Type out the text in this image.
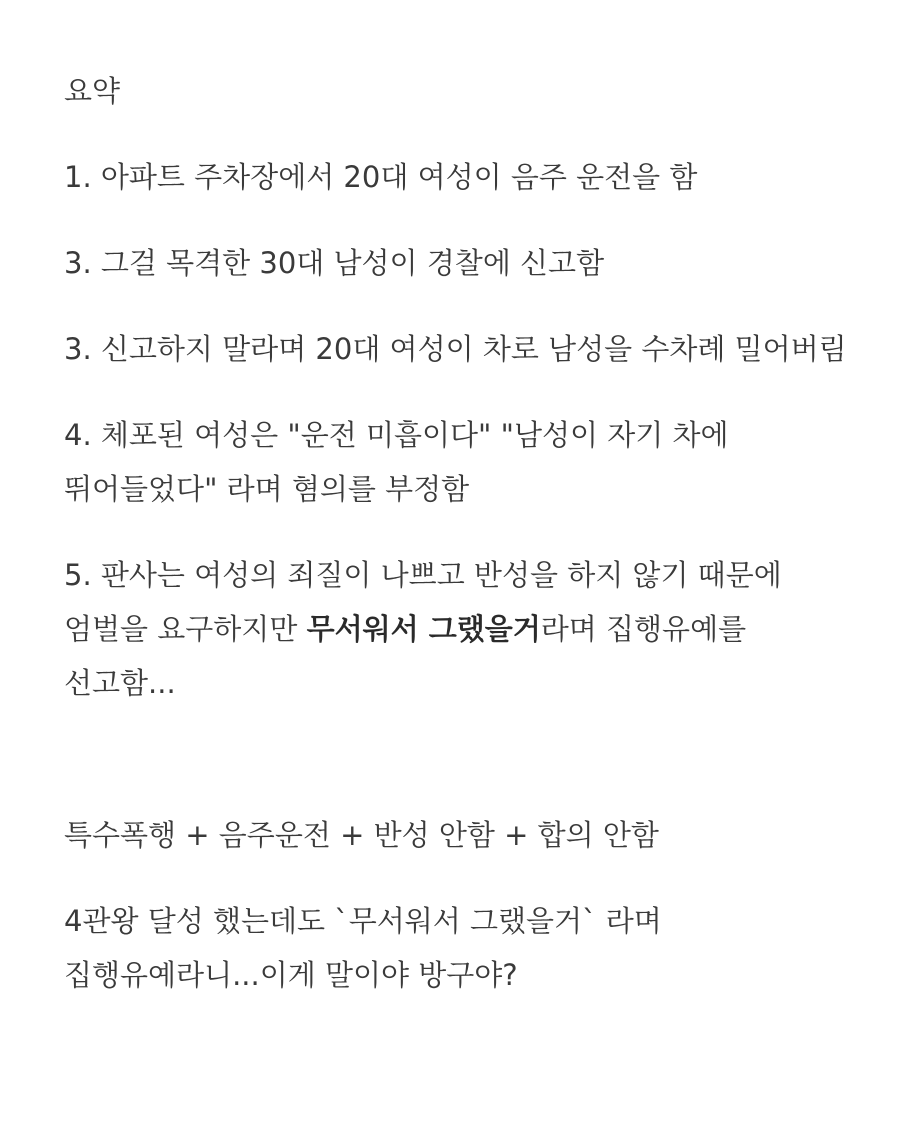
요약

1. 아파트 주차장에서 20대 여성이 음주 운전을 함

3. 그걸 목격한 30대 남성이 경찰에 신고함

3. 신고하지 말라며 20대 여성이 차로 남성을 수차례 밀어버림

4. 체포된 여성은 "운전 미흡이다" "남성이 자기 차에 뛰어들었다" 라며 혐의를 부정함

5. 판사는 여성의 죄질이 나쁘고 반성을 하지 않기 때문에 엄벌을 요구하지만 무서워서 그랬을거라며 집행유예를 선고함...

특수폭행 + 음주운전 + 반성 안함 + 합의 안함

4관왕 달성 했는데도 `무서워서 그랬을거` 라며 집행유예라니...이게 말이야 방구야?
